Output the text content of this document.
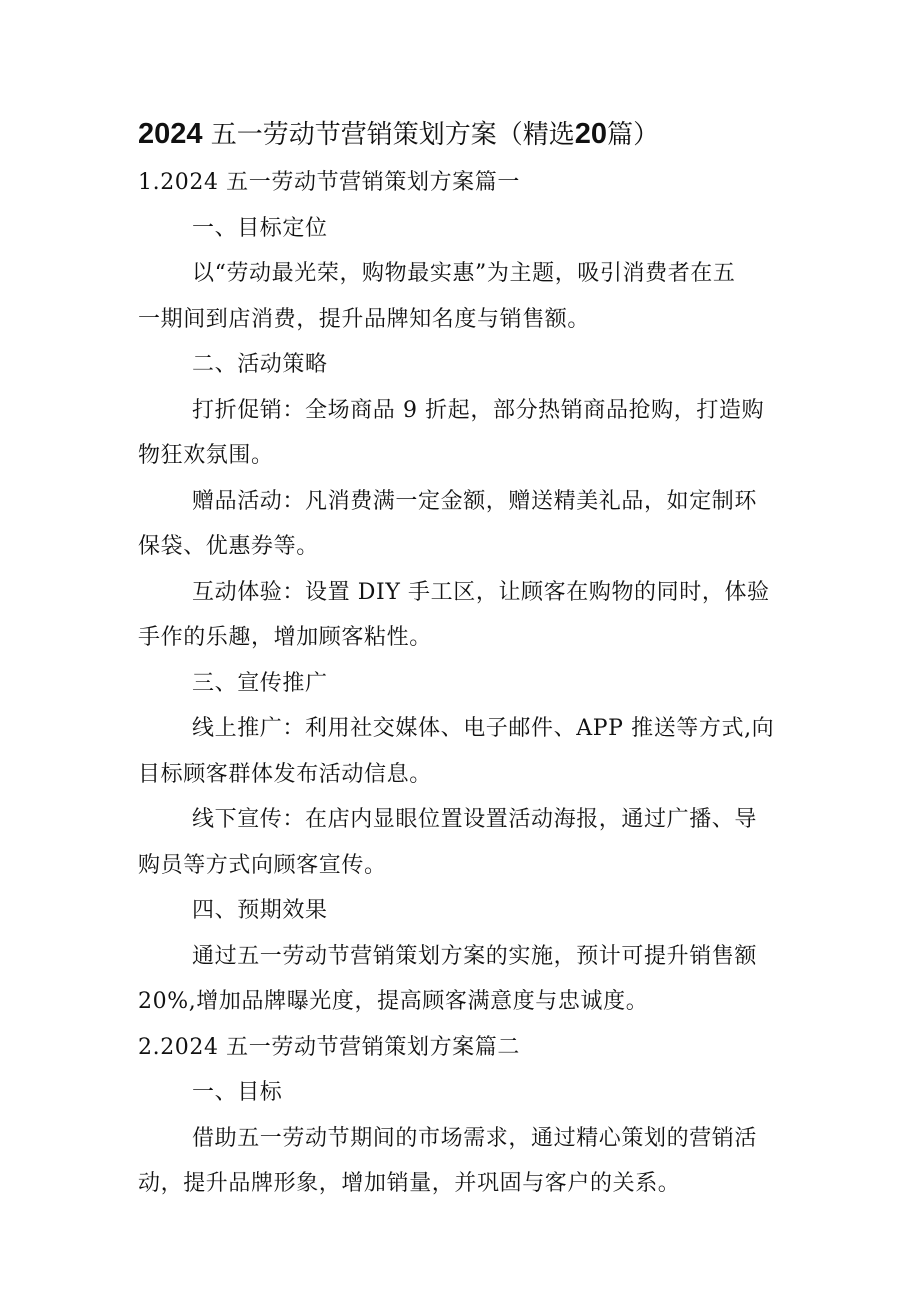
2024 五一劳动节营销策划方案（精选20篇）

1.2024 五一劳动节营销策划方案篇一

一、目标定位

以“劳动最光荣，购物最实惠”为主题，吸引消费者在五

一期间到店消费，提升品牌知名度与销售额。

二、活动策略

打折促销：全场商品 9 折起，部分热销商品抢购，打造购

物狂欢氛围。

赠品活动：凡消费满一定金额，赠送精美礼品，如定制环

保袋、优惠券等。

互动体验：设置 DIY 手工区，让顾客在购物的同时，体验

手作的乐趣，增加顾客粘性。

三、宣传推广

线上推广：利用社交媒体、电子邮件、APP 推送等方式,向

目标顾客群体发布活动信息。

线下宣传：在店内显眼位置设置活动海报，通过广播、导

购员等方式向顾客宣传。

四、预期效果

通过五一劳动节营销策划方案的实施，预计可提升销售额

20%,增加品牌曝光度，提高顾客满意度与忠诚度。

2.2024 五一劳动节营销策划方案篇二

一、目标

借助五一劳动节期间的市场需求，通过精心策划的营销活

动，提升品牌形象，增加销量，并巩固与客户的关系。
